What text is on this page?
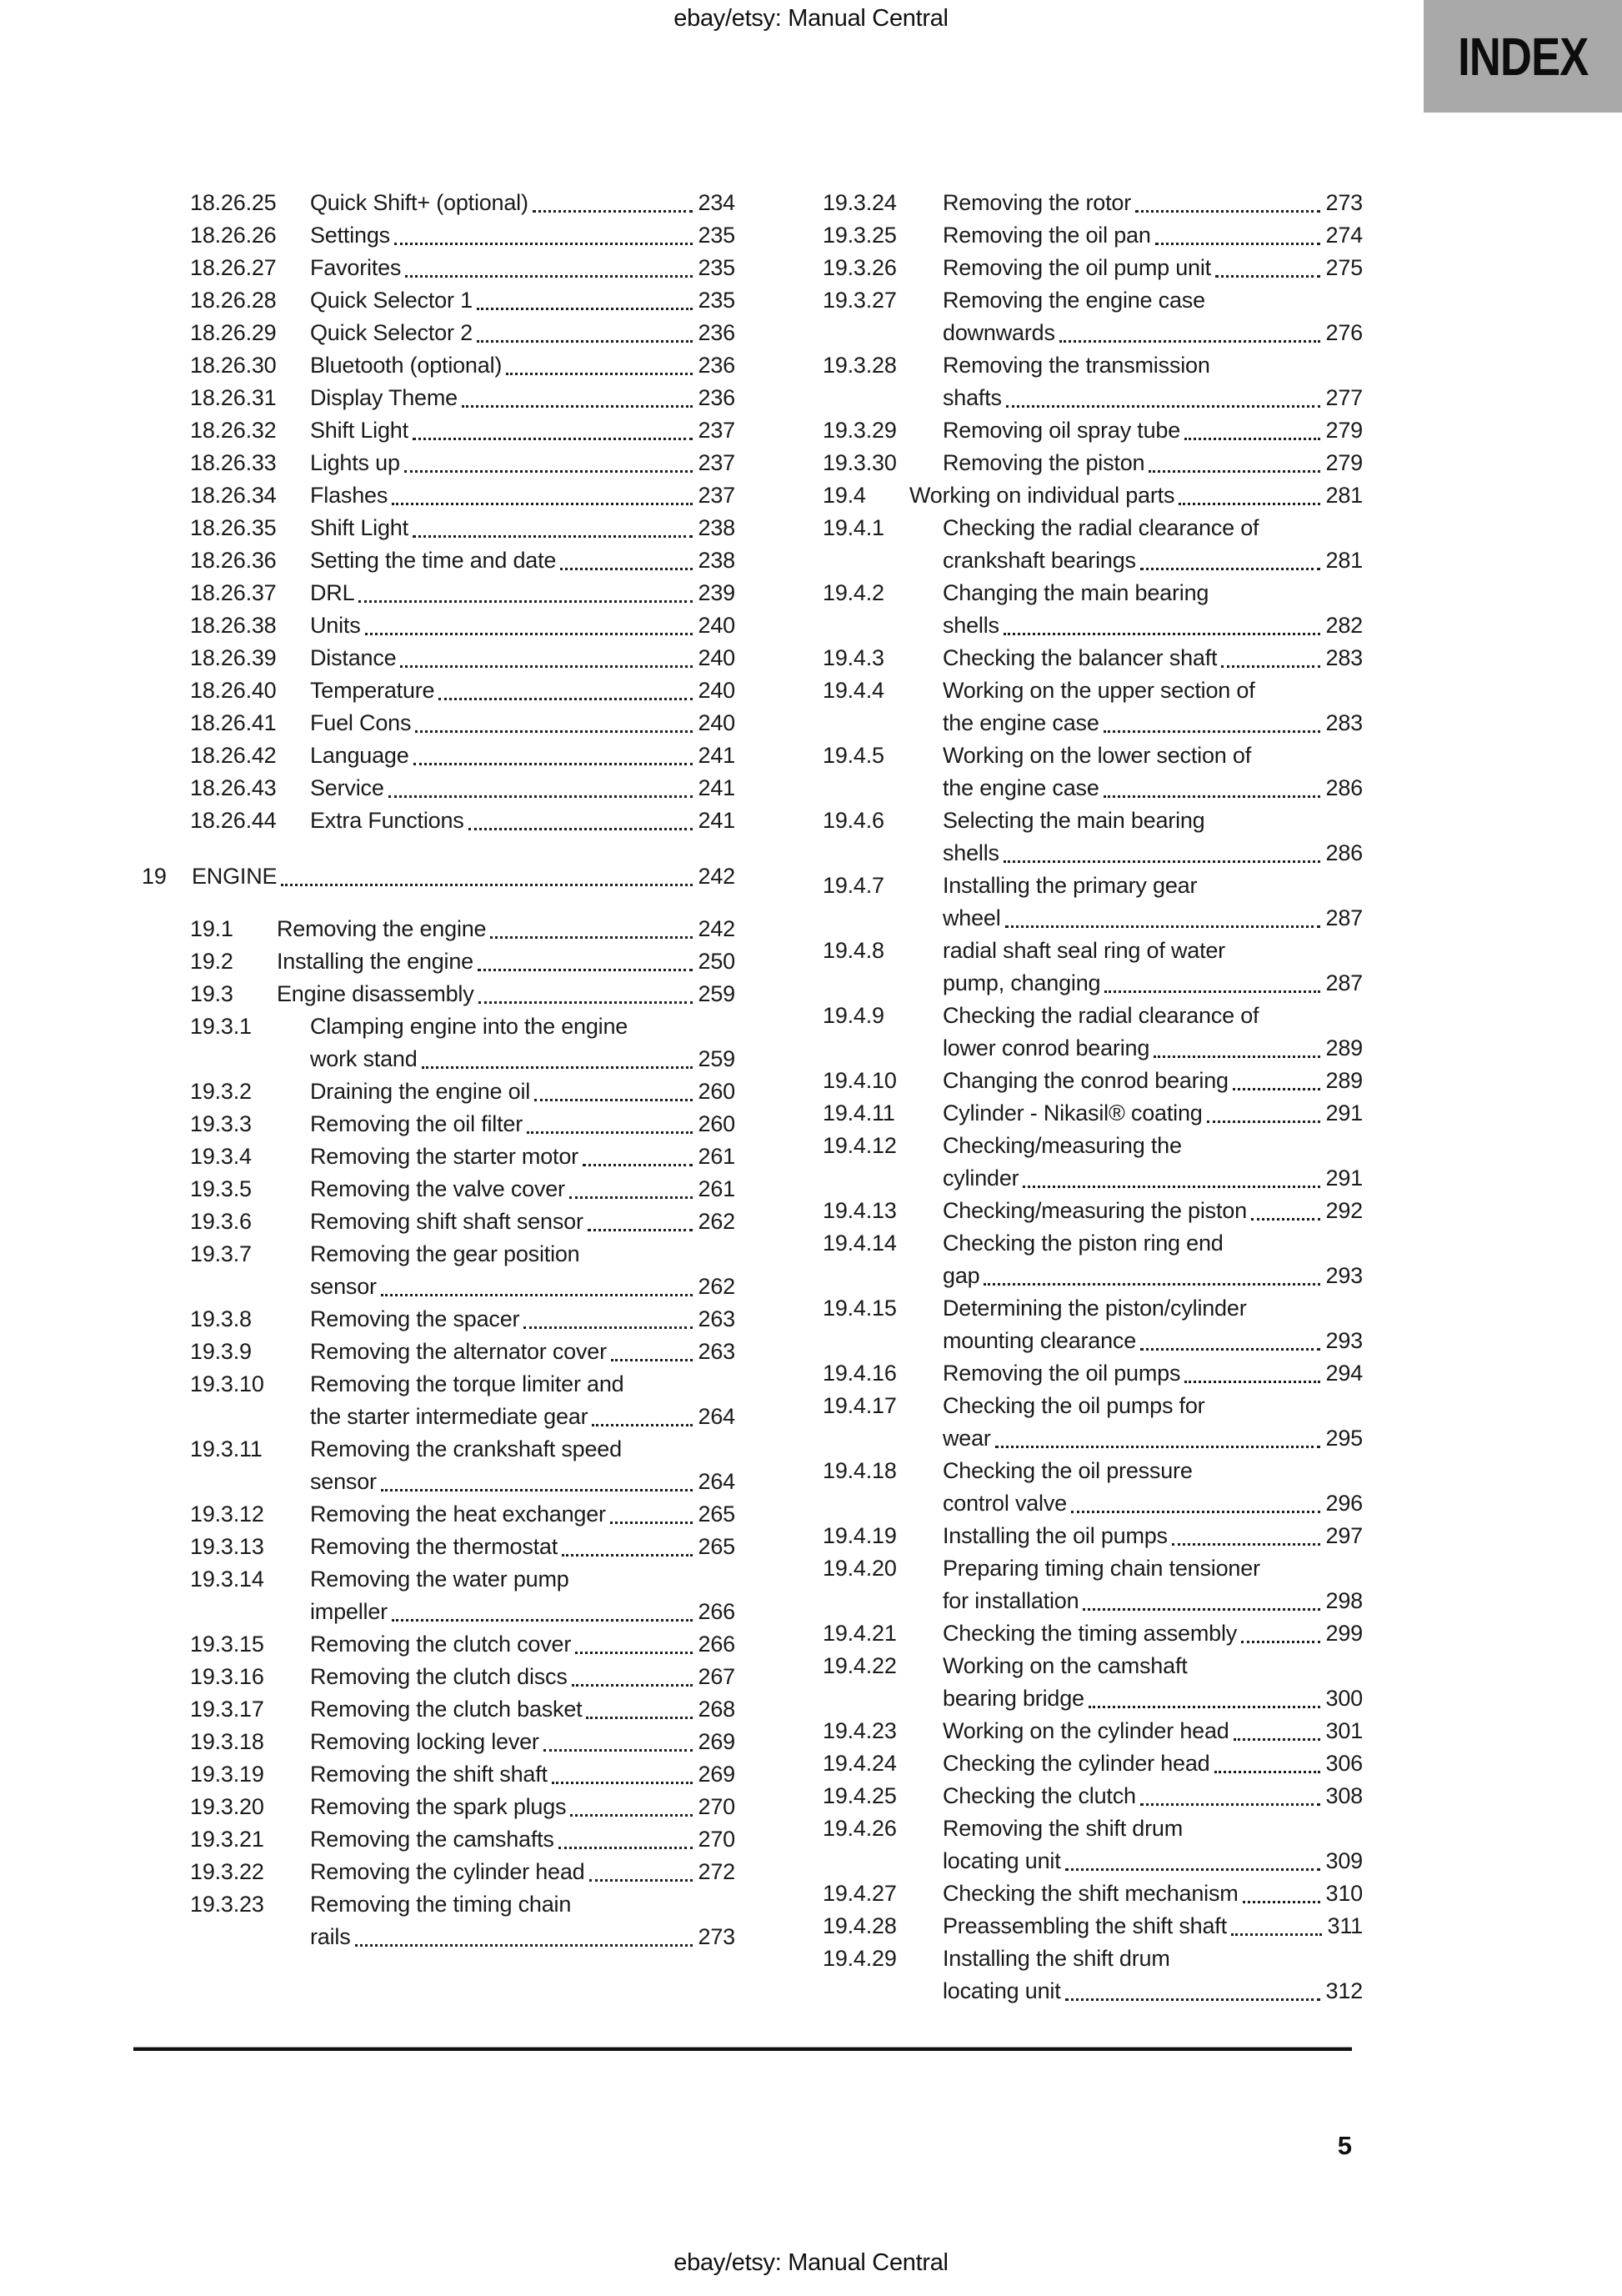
ebay/etsy: Manual Central
INDEX
18.26.25	Quick Shift+ (optional)	234
18.26.26	Settings	235
18.26.27	Favorites	235
18.26.28	Quick Selector 1	235
18.26.29	Quick Selector 2	236
18.26.30	Bluetooth (optional)	236
18.26.31	Display Theme	236
18.26.32	Shift Light	237
18.26.33	Lights up	237
18.26.34	Flashes	237
18.26.35	Shift Light	238
18.26.36	Setting the time and date	238
18.26.37	DRL	239
18.26.38	Units	240
18.26.39	Distance	240
18.26.40	Temperature	240
18.26.41	Fuel Cons	240
18.26.42	Language	241
18.26.43	Service	241
18.26.44	Extra Functions	241
19	ENGINE	242
19.1	Removing the engine	242
19.2	Installing the engine	250
19.3	Engine disassembly	259
19.3.1	Clamping engine into the engine
work stand	259
19.3.2	Draining the engine oil	260
19.3.3	Removing the oil filter	260
19.3.4	Removing the starter motor	261
19.3.5	Removing the valve cover	261
19.3.6	Removing shift shaft sensor	262
19.3.7	Removing the gear position
sensor	262
19.3.8	Removing the spacer	263
19.3.9	Removing the alternator cover	263
19.3.10	Removing the torque limiter and
the starter intermediate gear	264
19.3.11	Removing the crankshaft speed
sensor	264
19.3.12	Removing the heat exchanger	265
19.3.13	Removing the thermostat	265
19.3.14	Removing the water pump
impeller	266
19.3.15	Removing the clutch cover	266
19.3.16	Removing the clutch discs	267
19.3.17	Removing the clutch basket	268
19.3.18	Removing locking lever	269
19.3.19	Removing the shift shaft	269
19.3.20	Removing the spark plugs	270
19.3.21	Removing the camshafts	270
19.3.22	Removing the cylinder head	272
19.3.23	Removing the timing chain
rails	273
19.3.24	Removing the rotor	273
19.3.25	Removing the oil pan	274
19.3.26	Removing the oil pump unit	275
19.3.27	Removing the engine case
downwards	276
19.3.28	Removing the transmission
shafts	277
19.3.29	Removing oil spray tube	279
19.3.30	Removing the piston	279
19.4	Working on individual parts	281
19.4.1	Checking the radial clearance of
crankshaft bearings	281
19.4.2	Changing the main bearing
shells	282
19.4.3	Checking the balancer shaft	283
19.4.4	Working on the upper section of
the engine case	283
19.4.5	Working on the lower section of
the engine case	286
19.4.6	Selecting the main bearing
shells	286
19.4.7	Installing the primary gear
wheel	287
19.4.8	radial shaft seal ring of water
pump, changing	287
19.4.9	Checking the radial clearance of
lower conrod bearing	289
19.4.10	Changing the conrod bearing	289
19.4.11	Cylinder - Nikasil® coating	291
19.4.12	Checking/measuring the
cylinder	291
19.4.13	Checking/measuring the piston	292
19.4.14	Checking the piston ring end
gap	293
19.4.15	Determining the piston/cylinder
mounting clearance	293
19.4.16	Removing the oil pumps	294
19.4.17	Checking the oil pumps for
wear	295
19.4.18	Checking the oil pressure
control valve	296
19.4.19	Installing the oil pumps	297
19.4.20	Preparing timing chain tensioner
for installation	298
19.4.21	Checking the timing assembly	299
19.4.22	Working on the camshaft
bearing bridge	300
19.4.23	Working on the cylinder head	301
19.4.24	Checking the cylinder head	306
19.4.25	Checking the clutch	308
19.4.26	Removing the shift drum
locating unit	309
19.4.27	Checking the shift mechanism	310
19.4.28	Preassembling the shift shaft	311
19.4.29	Installing the shift drum
locating unit	312
5
ebay/etsy: Manual Central
